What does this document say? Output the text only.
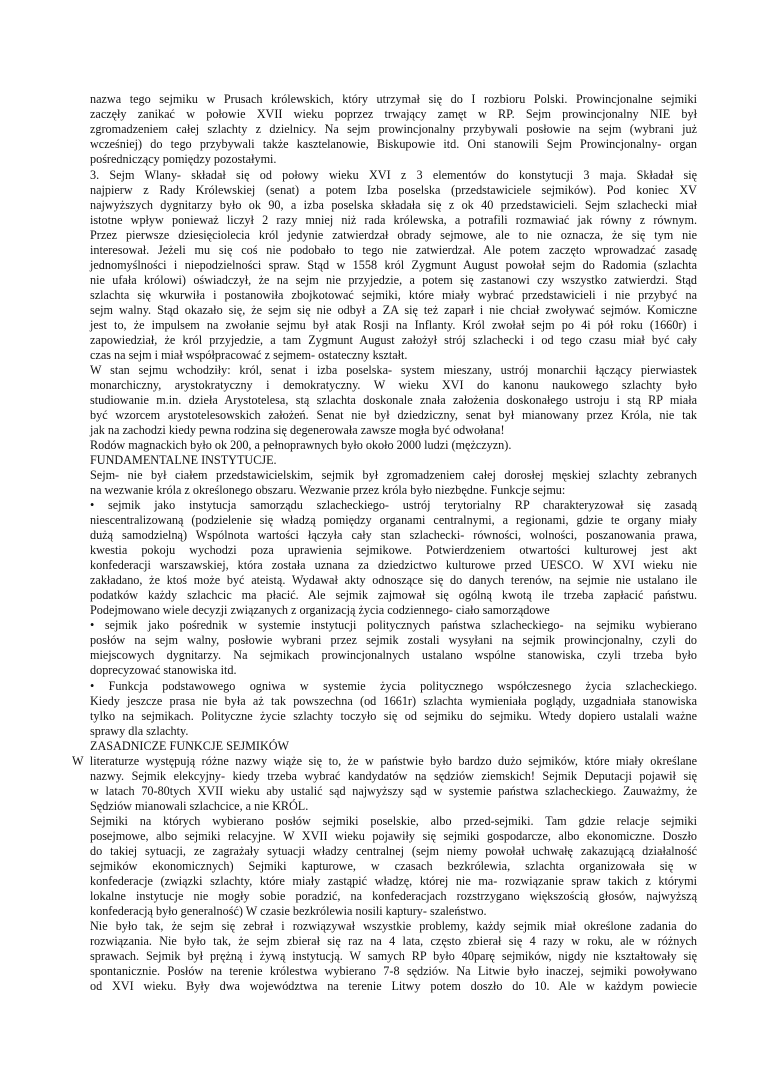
nazwa tego sejmiku w Prusach królewskich, który utrzymał się do I rozbioru Polski. Prowincjonalne sejmiki

zaczęły zanikać w połowie XVII wieku poprzez trwający zamęt w RP. Sejm prowincjonalny NIE był

zgromadzeniem całej szlachty z dzielnicy. Na sejm prowincjonalny przybywali posłowie na sejm (wybrani już

wcześniej) do tego przybywali także kasztelanowie, Biskupowie itd. Oni stanowili Sejm Prowincjonalny- organ

pośredniczący pomiędzy pozostałymi.

3. Sejm Wlany- składał się od połowy wieku XVI z 3 elementów do konstytucji 3 maja. Składał się

najpierw z Rady Królewskiej (senat) a potem Izba poselska (przedstawiciele sejmików). Pod koniec XV

najwyższych dygnitarzy było ok 90, a izba poselska składała się z ok 40 przedstawicieli. Sejm szlachecki miał

istotne wpływ ponieważ liczył 2 razy mniej niż rada królewska, a potrafili rozmawiać jak równy z równym.

Przez pierwsze dziesięciolecia król jedynie zatwierdzał obrady sejmowe, ale to nie oznacza, że się tym nie

interesował. Jeżeli mu się coś nie podobało to tego nie zatwierdzał. Ale potem zaczęto wprowadzać zasadę

jednomyślności i niepodzielności spraw. Stąd w 1558 król Zygmunt August powołał sejm do Radomia (szlachta

nie ufała królowi) oświadczył, że na sejm nie przyjedzie, a potem się zastanowi czy wszystko zatwierdzi. Stąd

szlachta się wkurwiła i postanowiła zbojkotować sejmiki, które miały wybrać przedstawicieli i nie przybyć na

sejm walny. Stąd okazało się, że sejm się nie odbył a ZA się też zaparł i nie chciał zwoływać sejmów. Komiczne

jest to, że impulsem na zwołanie sejmu był atak Rosji na Inflanty. Król zwołał sejm po 4i pół roku (1660r) i

zapowiedział, że król przyjedzie, a tam Zygmunt August założył strój szlachecki i od tego czasu miał być cały

czas na sejm i miał współpracować z sejmem- ostateczny kształt.

W stan sejmu wchodziły: król, senat i izba poselska- system mieszany, ustrój monarchii łączący pierwiastek

monarchiczny, arystokratyczny i demokratyczny. W wieku XVI do kanonu naukowego szlachty było

studiowanie m.in. dzieła Arystotelesa, stą szlachta doskonale znała założenia doskonałego ustroju i stą RP miała

być wzorcem arystotelesowskich założeń. Senat nie był dziedziczny, senat był mianowany przez Króla, nie tak

jak na zachodzi kiedy pewna rodzina się degenerowała zawsze mogła być odwołana!

Rodów magnackich było ok 200, a pełnoprawnych było około 2000 ludzi (mężczyzn).

FUNDAMENTALNE INSTYTUCJE.

Sejm- nie był ciałem przedstawicielskim, sejmik był zgromadzeniem całej dorosłej męskiej szlachty zebranych

na wezwanie króla z określonego obszaru. Wezwanie przez króla było niezbędne. Funkcje sejmu:

• sejmik jako instytucja samorządu szlacheckiego- ustrój terytorialny RP charakteryzował się zasadą

niescentralizowaną (podzielenie się władzą pomiędzy organami centralnymi, a regionami, gdzie te organy miały

dużą samodzielną) Wspólnota wartości łączyła cały stan szlachecki- równości, wolności, poszanowania prawa,

kwestia pokoju wychodzi poza uprawienia sejmikowe. Potwierdzeniem otwartości kulturowej jest akt

konfederacji warszawskiej, która została uznana za dziedzictwo kulturowe przed UESCO. W XVI wieku nie

zakładano, że ktoś może być ateistą. Wydawał akty odnoszące się do danych terenów, na sejmie nie ustalano ile

podatków każdy szlachcic ma płacić. Ale sejmik zajmował się ogólną kwotą ile trzeba zapłacić państwu.

Podejmowano wiele decyzji związanych z organizacją życia codziennego- ciało samorządowe

• sejmik jako pośrednik w systemie instytucji politycznych państwa szlacheckiego- na sejmiku wybierano

posłów na sejm walny, posłowie wybrani przez sejmik zostali wysyłani na sejmik prowincjonalny, czyli do

miejscowych dygnitarzy. Na sejmikach prowincjonalnych ustalano wspólne stanowiska, czyli trzeba było

doprecyzować stanowiska itd.

• Funkcja podstawowego ogniwa w systemie życia politycznego współczesnego życia szlacheckiego.

Kiedy jeszcze prasa nie była aż tak powszechna (od 1661r) szlachta wymieniała poglądy, uzgadniała stanowiska

tylko na sejmikach. Polityczne życie szlachty toczyło się od sejmiku do sejmiku. Wtedy dopiero ustalali ważne

sprawy dla szlachty.

ZASADNICZE FUNKCJE SEJMIKÓW

W literaturze występują różne nazwy wiąże się to, że w państwie było bardzo dużo sejmików, które miały określane

nazwy. Sejmik elekcyjny- kiedy trzeba wybrać kandydatów na sędziów ziemskich! Sejmik Deputacji pojawił się

w latach 70-80tych XVII wieku aby ustalić sąd najwyższy sąd w systemie państwa szlacheckiego. Zauważmy, że

Sędziów mianowali szlachcice, a nie KRÓL.

Sejmiki na których wybierano posłów sejmiki poselskie, albo przed-sejmiki. Tam gdzie relacje sejmiki

posejmowe, albo sejmiki relacyjne. W XVII wieku pojawiły się sejmiki gospodarcze, albo ekonomiczne. Doszło

do takiej sytuacji, ze zagrażały sytuacji władzy centralnej (sejm niemy powołał uchwałę zakazującą działalność

sejmików ekonomicznych) Sejmiki kapturowe, w czasach bezkrólewia, szlachta organizowała się w

konfederacje (związki szlachty, które miały zastąpić władzę, której nie ma- rozwiązanie spraw takich z którymi

lokalne instytucje nie mogły sobie poradzić, na konfederacjach rozstrzygano większością głosów, najwyższą

konfederacją było generalność) W czasie bezkrólewia nosili kaptury- szaleństwo.

Nie było tak, że sejm się zebrał i rozwiązywał wszystkie problemy, każdy sejmik miał określone zadania do

rozwiązania. Nie było tak, że sejm zbierał się raz na 4 lata, często zbierał się 4 razy w roku, ale w różnych

sprawach. Sejmik był prężną i żywą instytucją. W samych RP było 40parę sejmików, nigdy nie kształtowały się

spontanicznie. Posłów na terenie królestwa wybierano 7-8 sędziów. Na Litwie było inaczej, sejmiki powoływano

od XVI wieku. Były dwa województwa na terenie Litwy potem doszło do 10. Ale w każdym powiecie
